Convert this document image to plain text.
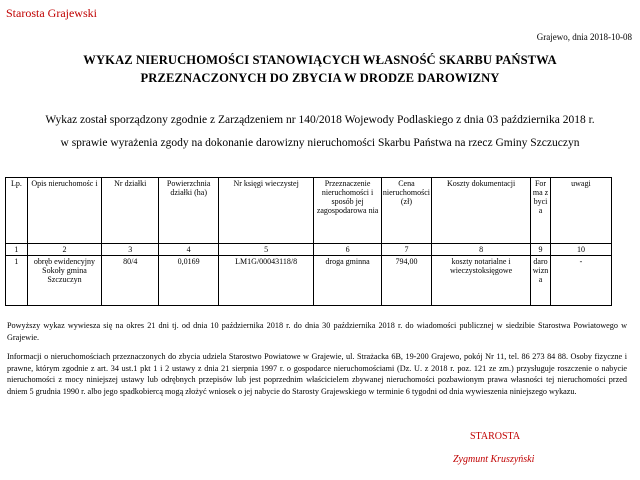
Starosta Grajewski
Grajewo, dnia 2018-10-08
WYKAZ NIERUCHOMOŚCI STANOWIĄCYCH WŁASNOŚĆ SKARBU PAŃSTWA
PRZEZNACZONYCH DO ZBYCIA W DRODZE DAROWIZNY
Wykaz został sporządzony zgodnie z Zarządzeniem nr 140/2018 Wojewody Podlaskiego z dnia 03 października 2018 r.
w sprawie wyrażenia zgody na dokonanie darowizny nieruchomości Skarbu Państwa na rzecz Gminy Szczuczyn
Lp.	Opis nieruchomośc i	Nr działki	Powierzchnia działki (ha)	Nr księgi wieczystej	Przeznaczenie nieruchomości i sposób jej zagospodarowa nia	Cena nieruchomości (zł)	Koszty dokumentacji	Forma zbycia	uwagi
1	2	3	4	5	6	7	8	9	10
1	obręb ewidencyjny Sokoły gmina Szczuczyn	80/4	0,0169	LM1G/00043118/8	droga gminna	794,00	koszty notarialne i wieczystoksięgowe	darowizna	-
Powyższy wykaz wywiesza się na okres 21 dni tj. od dnia 10 października 2018 r. do dnia 30 października 2018 r. do wiadomości publicznej w siedzibie Starostwa Powiatowego w Grajewie.
Informacji o nieruchomościach przeznaczonych do zbycia udziela Starostwo Powiatowe w Grajewie, ul. Strażacka 6B, 19-200 Grajewo, pokój Nr 11, tel. 86 273 84 88. Osoby fizyczne i prawne, którym zgodnie z art. 34 ust.1 pkt 1 i 2 ustawy z dnia 21 sierpnia 1997 r. o gospodarce nieruchomościami (Dz. U. z 2018 r. poz. 121 ze zm.) przysługuje roszczenie o nabycie nieruchomości z mocy niniejszej ustawy lub odrębnych przepisów lub jest poprzednim właścicielem zbywanej nieruchomości pozbawionym prawa własności tej nieruchomości przed dniem 5 grudnia 1990 r. albo jego spadkobiercą mogą złożyć wniosek o jej nabycie do Starosty Grajewskiego w terminie 6 tygodni od dnia wywieszenia niniejszego wykazu.
STAROSTA
Zygmunt Kruszyński
